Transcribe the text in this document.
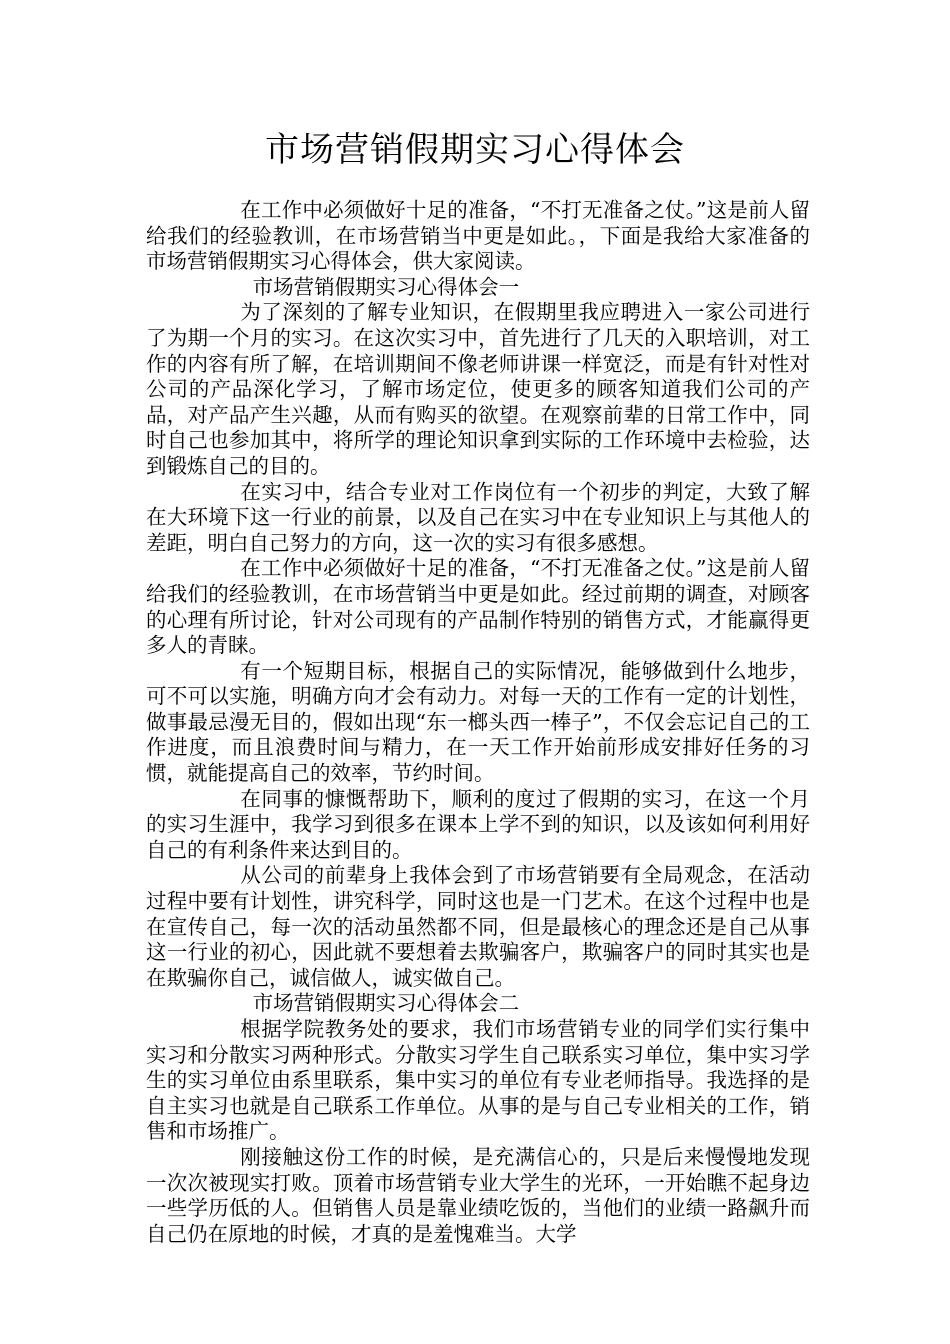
市场营销假期实习心得体会

在工作中必须做好十足的准备，“不打无准备之仗。”这是前人留给我们的经验教训，在市场营销当中更是如此。，下面是我给大家准备的市场营销假期实习心得体会，供大家阅读。

市场营销假期实习心得体会一

为了深刻的了解专业知识，在假期里我应聘进入一家公司进行了为期一个月的实习。在这次实习中，首先进行了几天的入职培训，对工作的内容有所了解，在培训期间不像老师讲课一样宽泛，而是有针对性对公司的产品深化学习，了解市场定位，使更多的顾客知道我们公司的产品，对产品产生兴趣，从而有购买的欲望。在观察前辈的日常工作中，同时自己也参加其中，将所学的理论知识拿到实际的工作环境中去检验，达到锻炼自己的目的。

在实习中，结合专业对工作岗位有一个初步的判定，大致了解在大环境下这一行业的前景，以及自己在实习中在专业知识上与其他人的差距，明白自己努力的方向，这一次的实习有很多感想。

在工作中必须做好十足的准备，“不打无准备之仗。”这是前人留给我们的经验教训，在市场营销当中更是如此。经过前期的调查，对顾客的心理有所讨论，针对公司现有的产品制作特别的销售方式，才能赢得更多人的青睐。

有一个短期目标，根据自己的实际情况，能够做到什么地步，可不可以实施，明确方向才会有动力。对每一天的工作有一定的计划性，做事最忌漫无目的，假如出现“东一榔头西一棒子”，不仅会忘记自己的工作进度，而且浪费时间与精力，在一天工作开始前形成安排好任务的习惯，就能提高自己的效率，节约时间。

在同事的慷慨帮助下，顺利的度过了假期的实习，在这一个月的实习生涯中，我学习到很多在课本上学不到的知识，以及该如何利用好自己的有利条件来达到目的。

从公司的前辈身上我体会到了市场营销要有全局观念，在活动过程中要有计划性，讲究科学，同时这也是一门艺术。在这个过程中也是在宣传自己，每一次的活动虽然都不同，但是最核心的理念还是自己从事这一行业的初心，因此就不要想着去欺骗客户，欺骗客户的同时其实也是在欺骗你自己，诚信做人，诚实做自己。

市场营销假期实习心得体会二

根据学院教务处的要求，我们市场营销专业的同学们实行集中实习和分散实习两种形式。分散实习学生自己联系实习单位，集中实习学生的实习单位由系里联系，集中实习的单位有专业老师指导。我选择的是自主实习也就是自己联系工作单位。从事的是与自己专业相关的工作，销售和市场推广。

刚接触这份工作的时候，是充满信心的，只是后来慢慢地发现一次次被现实打败。顶着市场营销专业大学生的光环，一开始瞧不起身边一些学历低的人。但销售人员是靠业绩吃饭的，当他们的业绩一路飙升而自己仍在原地的时候，才真的是羞愧难当。大学
